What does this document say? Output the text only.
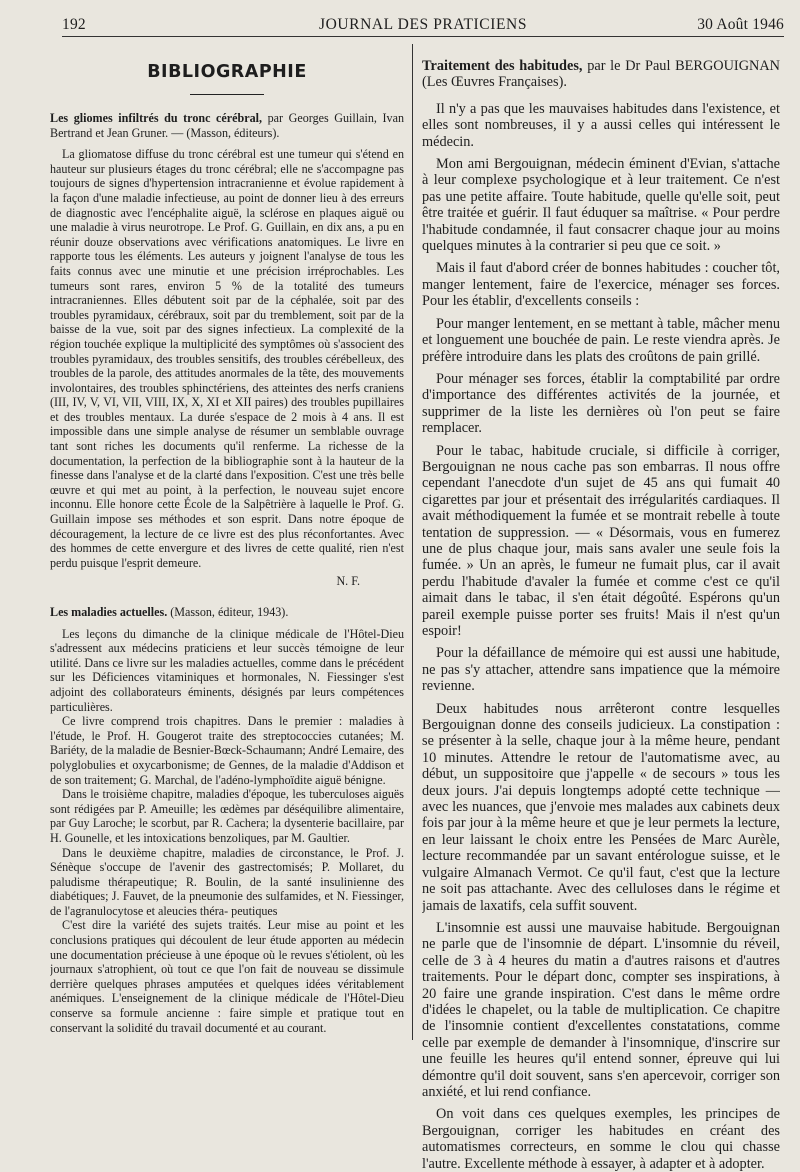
192	JOURNAL DES PRATICIENS	30 Août 1946
BIBLIOGRAPHIE
Les gliomes infiltrés du tronc cérébral, par Georges Guillain, Ivan Bertrand et Jean Gruner. — (Masson, éditeurs).

La gliomatose diffuse du tronc cérébral est une tumeur qui s'étend en hauteur sur plusieurs étages du tronc cérébral; elle ne s'accompagne pas toujours de signes d'hypertension intracranienne et évolue rapidement à la façon d'une maladie infectieuse, au point de donner lieu à des erreurs de diagnostic avec l'encéphalite aiguë, la sclérose en plaques aiguë ou une maladie à virus neurotrope. Le Prof. G. Guillain, en dix ans, a pu en réunir douze observations avec vérifications anatomiques. Le livre en rapporte tous les éléments. Les auteurs y joignent l'analyse de tous les faits connus avec une minutie et une précision irréprochables. Les tumeurs sont rares, environ 5 % de la totalité des tumeurs intracraniennes. Elles débutent soit par de la céphalée, soit par des troubles pyramidaux, cérébraux, soit par du tremblement, soit par de la baisse de la vue, soit par des signes infectieux. La complexité de la région touchée explique la multiplicité des symptômes où s'associent des troubles pyramidaux, des troubles sensitifs, des troubles cérébelleux, des troubles de la parole, des attitudes anormales de la tête, des mouvements involontaires, des troubles sphinctériens, des atteintes des nerfs craniens (III, IV, V, VI, VII, VIII, IX, X, XI et XII paires) des troubles pupillaires et des troubles mentaux. La durée s'espace de 2 mois à 4 ans. Il est impossible dans une simple analyse de résumer un semblable ouvrage tant sont riches les documents qu'il renferme. La richesse de la documentation, la perfection de la bibliographie sont à la hauteur de la finesse dans l'analyse et de la clarté dans l'exposition. C'est une très belle œuvre et qui met au point, à la perfection, le nouveau sujet encore inconnu. Elle honore cette École de la Salpêtrière à laquelle le Prof. G. Guillain impose ses méthodes et son esprit. Dans notre époque de découragement, la lecture de ce livre est des plus réconfortantes. Avec des hommes de cette envergure et des livres de cette qualité, rien n'est perdu puisque l'esprit demeure.

N. F.
Les maladies actuelles. (Masson, éditeur, 1943).

Les leçons du dimanche de la clinique médicale de l'Hôtel-Dieu s'adressent aux médecins praticiens et leur succès témoigne de leur utilité. Dans ce livre sur les maladies actuelles, comme dans le précédent sur les Déficiences vitaminiques et hormonales, N. Fiessinger s'est adjoint des collaborateurs éminents, désignés par leurs compétences particulières.

Ce livre comprend trois chapitres. Dans le premier : maladies à l'étude, le Prof. H. Gougerot traite des streptococcies cutanées; M. Bariéty, de la maladie de Besnier-Bœck-Schaumann; André Lemaire, des polyglobulies et oxycarbonisme; de Gennes, de la maladie d'Addison et de son traitement; G. Marchal, de l'adéno-lymphoïdite aiguë bénigne.

Dans le troisième chapitre, maladies d'époque, les tuberculoses aiguës sont rédigées par P. Ameuille; les œdèmes par déséquilibre alimentaire, par Guy Laroche; le scorbut, par R. Cachera; la dysenterie bacillaire, par H. Gounelle, et les intoxications benzoliques, par M. Gaultier.

Dans le deuxième chapitre, maladies de circonstance, le Prof. J. Sénèque s'occupe de l'avenir des gastrectomisés; P. Mollaret, du paludisme thérapeutique; R. Boulin, de la santé insulinienne des diabétiques; J. Fauvet, de la pneumonie des sulfamides, et N. Fiessinger, de l'agranulocytose et aleucies théra- peutiques

C'est dire la variété des sujets traités. Leur mise au point et les conclusions pratiques qui découlent de leur étude apporten au médecin une documentation précieuse à une époque où le revues s'étiolent, où les journaux s'atrophient, où tout ce que l'on fait de nouveau se dissimule derrière quelques phrases amputées et quelques idées véritablement anémiques. L'enseignement de la clinique médicale de l'Hôtel-Dieu conserve sa formule ancienne : faire simple et pratique tout en conservant la solidité du travail documenté et au courant.

Traitement des habitudes, par le Dr Paul BERGOUIGNAN (Les Œuvres Françaises).

Il n'y a pas que les mauvaises habitudes dans l'existence, et elles sont nombreuses, il y a aussi celles qui intéressent le médecin.

Mon ami Bergouignan, médecin éminent d'Evian, s'attache à leur complexe psychologique et à leur traitement. Ce n'est pas une petite affaire. Toute habitude, quelle qu'elle soit, peut être traitée et guérir. Il faut éduquer sa maîtrise. « Pour perdre l'habitude condamnée, il faut consacrer chaque jour au moins quelques minutes à la contrarier si peu que ce soit. »

Mais il faut d'abord créer de bonnes habitudes : coucher tôt, manger lentement, faire de l'exercice, ménager ses forces. Pour les établir, d'excellents conseils :

Pour manger lentement, en se mettant à table, mâcher menu et longuement une bouchée de pain. Le reste viendra après. Je préfère introduire dans les plats des croûtons de pain grillé.

Pour ménager ses forces, établir la comptabilité par ordre d'importance des différentes activités de la journée, et supprimer de la liste les dernières où l'on peut se faire remplacer.

Pour le tabac, habitude cruciale, si difficile à corriger, Bergouignan ne nous cache pas son embarras. Il nous offre cependant l'anecdote d'un sujet de 45 ans qui fumait 40 cigarettes par jour et présentait des irrégularités cardiaques. Il avait méthodiquement la fumée et se montrait rebelle à toute tentation de suppression. — « Désormais, vous en fumerez une de plus chaque jour, mais sans avaler une seule fois la fumée. » Un an après, le fumeur ne fumait plus, car il avait perdu l'habitude d'avaler la fumée et comme c'est ce qu'il aimait dans le tabac, il s'en était dégoûté. Espérons qu'un pareil exemple puisse porter ses fruits! Mais il n'est qu'un espoir!

Pour la défaillance de mémoire qui est aussi une habitude, ne pas s'y attacher, attendre sans impatience que la mémoire revienne.

Deux habitudes nous arrêteront contre lesquelles Bergouignan donne des conseils judicieux. La constipation : se présenter à la selle, chaque jour à la même heure, pendant 10 minutes. Attendre le retour de l'automatisme avec, au début, un suppositoire que j'appelle « de secours » tous les deux jours. J'ai depuis longtemps adopté cette technique — avec les nuances, que j'envoie mes malades aux cabinets deux fois par jour à la même heure et que je leur permets la lecture, en leur laissant le choix entre les Pensées de Marc Aurèle, lecture recommandée par un savant entérologue suisse, et le vulgaire Almanach Vermot. Ce qu'il faut, c'est que la lecture ne soit pas attachante. Avec des celluloses dans le régime et jamais de laxatifs, cela suffit souvent.

L'insomnie est aussi une mauvaise habitude. Bergouignan ne parle que de l'insomnie de départ. L'insomnie du réveil, celle de 3 à 4 heures du matin a d'autres raisons et d'autres traitements. Pour le départ donc, compter ses inspirations, à 20 faire une grande inspiration. C'est dans le même ordre d'idées le chapelet, ou la table de multiplication. Ce chapitre de l'insomnie contient d'excellentes constatations, comme celle par exemple de demander à l'insomnique, d'inscrire sur une feuille les heures qu'il entend sonner, épreuve qui lui démontre qu'il doit souvent, sans s'en apercevoir, corriger son anxiété, et lui rend confiance.

On voit dans ces quelques exemples, les principes de Bergouignan, corriger les habitudes en créant des automatismes correcteurs, en somme le clou qui chasse l'autre. Excellente méthode à essayer, à adapter et à adopter.
